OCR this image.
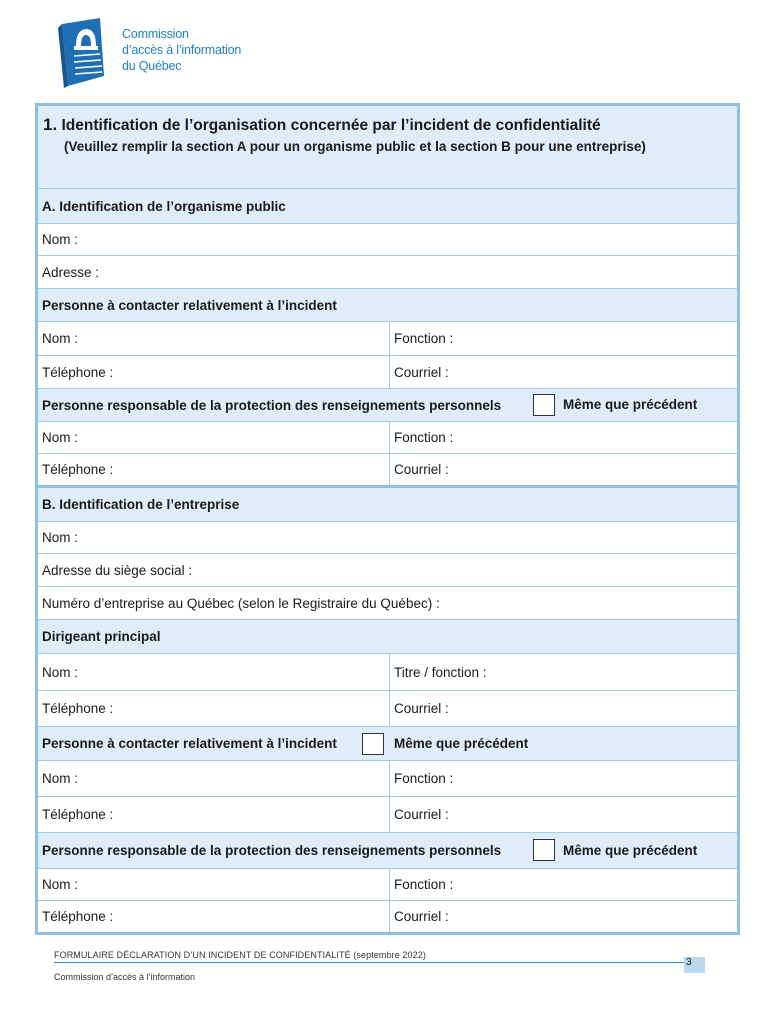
Commission
d’accès à l’information
du Québec
1. Identification de l’organisation concernée par l’incident de confidentialité
(Veuillez remplir la section A pour un organisme public et la section B pour une entreprise)
A. Identification de l’organisme public
Nom :
Adresse :
Personne à contacter relativement à l’incident
Nom :	Fonction :
Téléphone :	Courriel :
Personne responsable de la protection des renseignements personnels	Même que précédent
Nom :	Fonction :
Téléphone :	Courriel :
B. Identification de l’entreprise
Nom :
Adresse du siège social :
Numéro d’entreprise au Québec (selon le Registraire du Québec) :
Dirigeant principal
Nom :	Titre / fonction :
Téléphone :	Courriel :
Personne à contacter relativement à l’incident	Même que précédent
Nom :	Fonction :
Téléphone :	Courriel :
Personne responsable de la protection des renseignements personnels	Même que précédent
Nom :	Fonction :
Téléphone :	Courriel :
FORMULAIRE DÉCLARATION D’UN INCIDENT DE CONFIDENTIALITÉ (septembre 2022)
Commission d’accès à l’information
3
